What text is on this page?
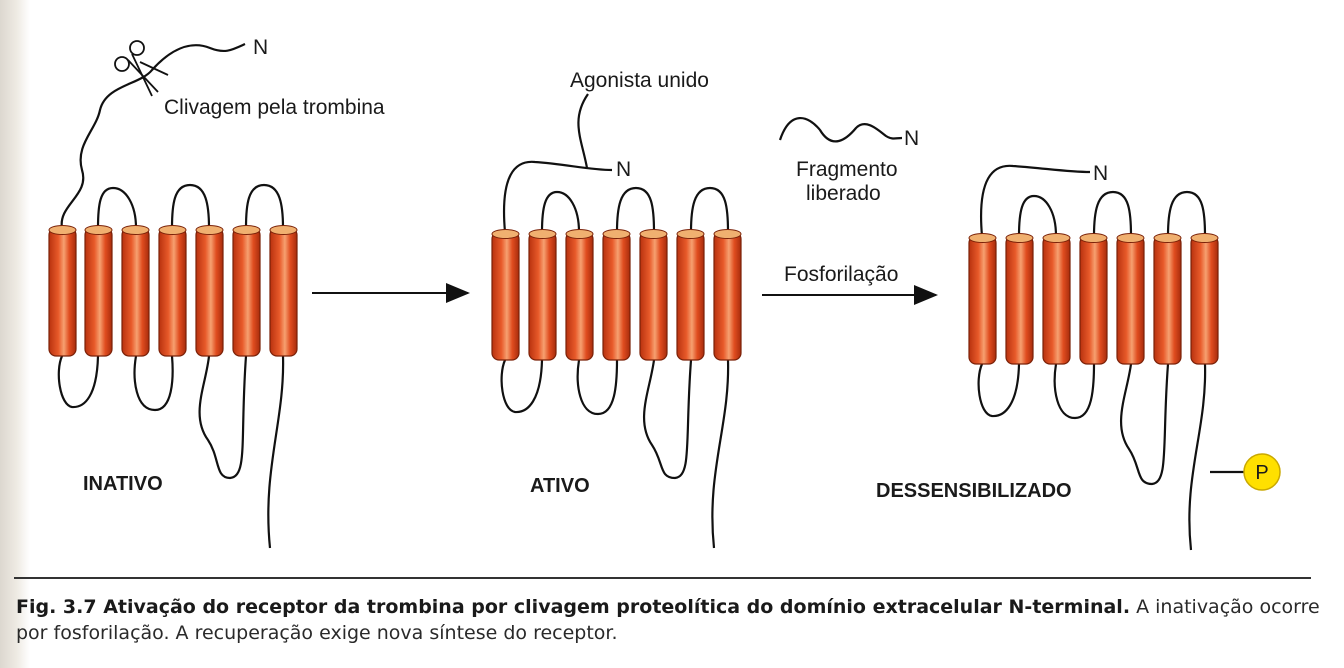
N
Clivagem pela trombina
INATIVO
Agonista unido
N
ATIVO
N
Fragmento
liberado
Fosforilação
N
DESSENSIBILIZADO
P
Fig. 3.7 Ativação do receptor da trombina por clivagem proteolítica do domínio extracelular N-terminal. A inativação ocorre por fosforilação. A recuperação exige nova síntese do receptor.
